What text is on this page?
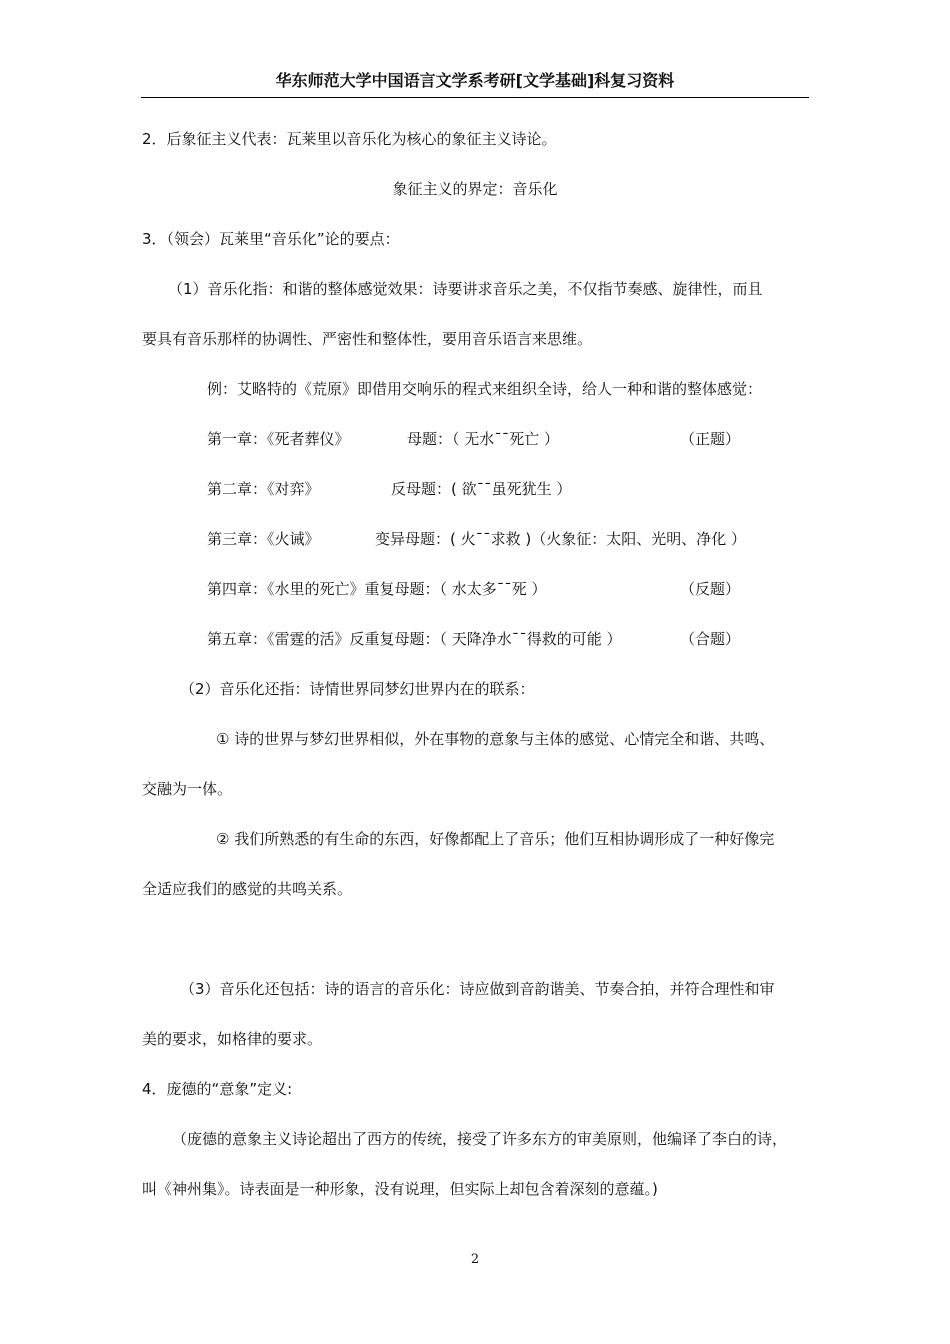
华东师范大学中国语言文学系考研[文学基础]科复习资料
2．后象征主义代表：瓦莱里以音乐化为核心的象征主义诗论。
象征主义的界定：音乐化
3．（领会）瓦莱里“音乐化”论的要点：
（1）音乐化指：和谐的整体感觉效果：诗要讲求音乐之美，不仅指节奏感、旋律性，而且
要具有音乐那样的协调性、严密性和整体性，要用音乐语言来思维。
例：艾略特的《荒原》即借用交响乐的程式来组织全诗，给人一种和谐的整体感觉：
第一章：《死者葬仪》	母题：（ 无水¯¯死亡 ）	（正题）
第二章：《对弈》	反母题：( 欲¯¯虽死犹生 ）
第三章：《火诫》	变异母题：( 火¯¯求救 )（火象征：太阳、光明、净化 ）
第四章：《水里的死亡》重复母题：（ 水太多¯¯死 ）	（反题）
第五章：《雷霆的活》反重复母题：（ 天降净水¯¯得救的可能 ）	（合题）
（2）音乐化还指：诗情世界同梦幻世界内在的联系：
① 诗的世界与梦幻世界相似，外在事物的意象与主体的感觉、心情完全和谐、共鸣、
交融为一体。
② 我们所熟悉的有生命的东西，好像都配上了音乐；他们互相协调形成了一种好像完
全适应我们的感觉的共鸣关系。
（3）音乐化还包括：诗的语言的音乐化：诗应做到音韵谐美、节奏合拍，并符合理性和审
美的要求，如格律的要求。
4．庞德的“意象”定义:
（庞德的意象主义诗论超出了西方的传统，接受了许多东方的审美原则，他编译了李白的诗，
叫《神州集》。诗表面是一种形象，没有说理，但实际上却包含着深刻的意蕴。)
2
